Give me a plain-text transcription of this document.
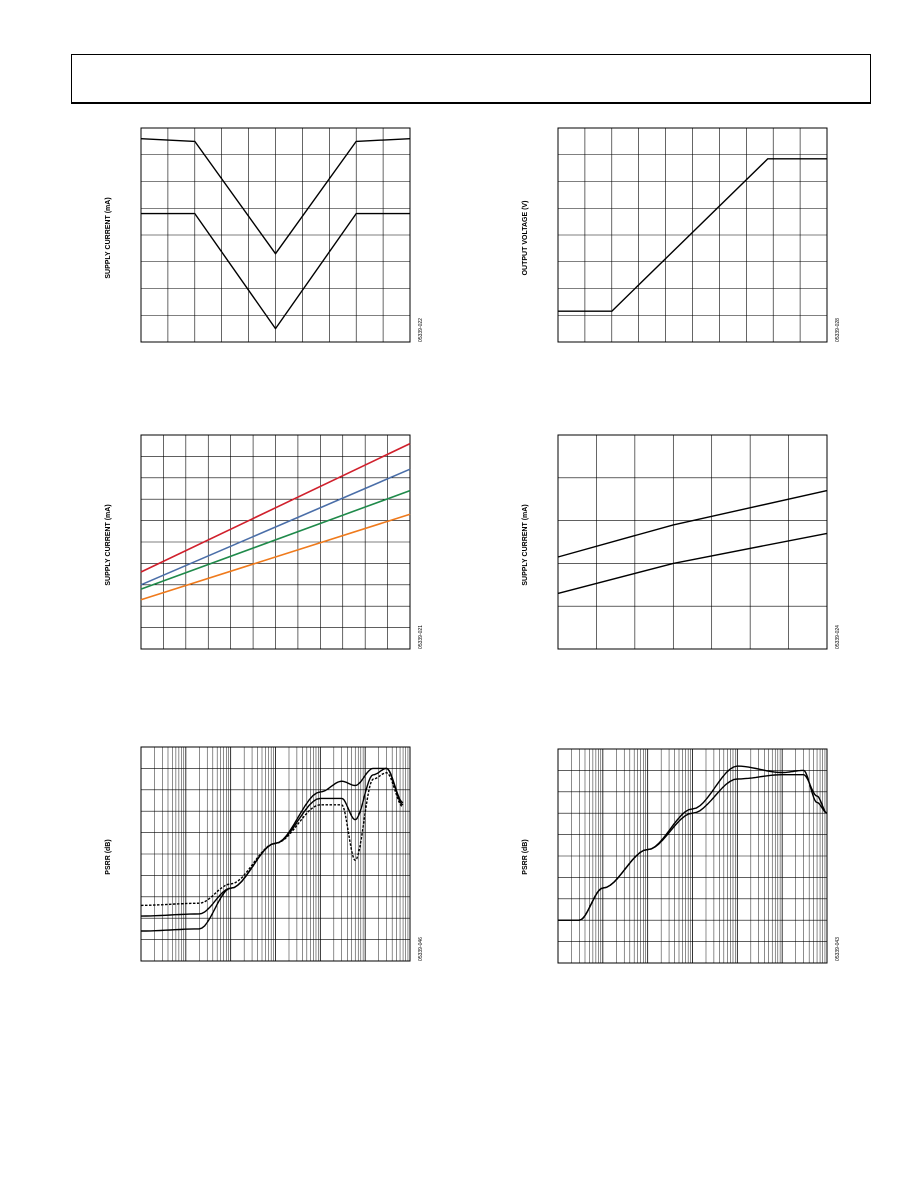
SUPPLY CURRENT (mA)
05339-022
OUTPUT VOLTAGE (V)
05339-028
SUPPLY CURRENT (mA)
05339-021
SUPPLY CURRENT (mA)
05339-024
PSRR (dB)
05339-046
PSRR (dB)
05339-043
